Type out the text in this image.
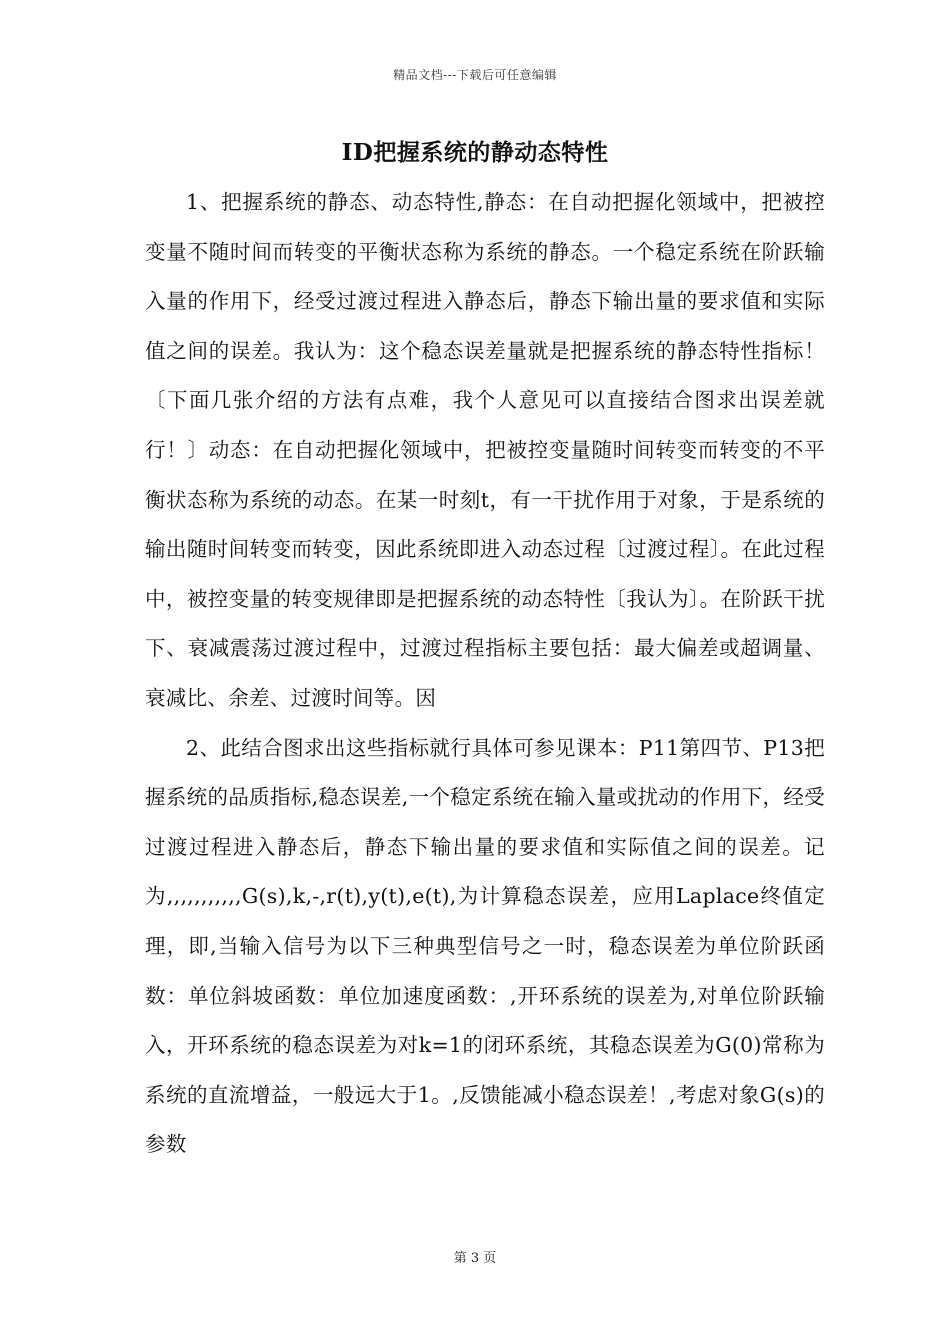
精品文档---下载后可任意编辑
ID把握系统的静动态特性

1、把握系统的静态、动态特性,静态：在自动把握化领域中，把被控变量不随时间而转变的平衡状态称为系统的静态。一个稳定系统在阶跃输入量的作用下，经受过渡过程进入静态后，静态下输出量的要求值和实际值之间的误差。我认为：这个稳态误差量就是把握系统的静态特性指标！〔下面几张介绍的方法有点难，我个人意见可以直接结合图求出误差就行！〕动态：在自动把握化领域中，把被控变量随时间转变而转变的不平衡状态称为系统的动态。在某一时刻t，有一干扰作用于对象，于是系统的输出随时间转变而转变，因此系统即进入动态过程〔过渡过程〕。在此过程中，被控变量的转变规律即是把握系统的动态特性〔我认为〕。在阶跃干扰下、衰减震荡过渡过程中，过渡过程指标主要包括：最大偏差或超调量、衰减比、余差、过渡时间等。因

2、此结合图求出这些指标就行具体可参见课本：P11第四节、P13把握系统的品质指标,稳态误差,一个稳定系统在输入量或扰动的作用下，经受过渡过程进入静态后，静态下输出量的要求值和实际值之间的误差。记为,,,,,,,,,,,G(s),k,-,r(t),y(t),e(t),为计算稳态误差，应用Laplace终值定理，即,当输入信号为以下三种典型信号之一时，稳态误差为单位阶跃函数：单位斜坡函数：单位加速度函数：,开环系统的误差为,对单位阶跃输入，开环系统的稳态误差为对k=1的闭环系统，其稳态误差为G(0)常称为系统的直流增益，一般远大于1。,反馈能减小稳态误差！,考虑对象G(s)的参数

第 3 页
